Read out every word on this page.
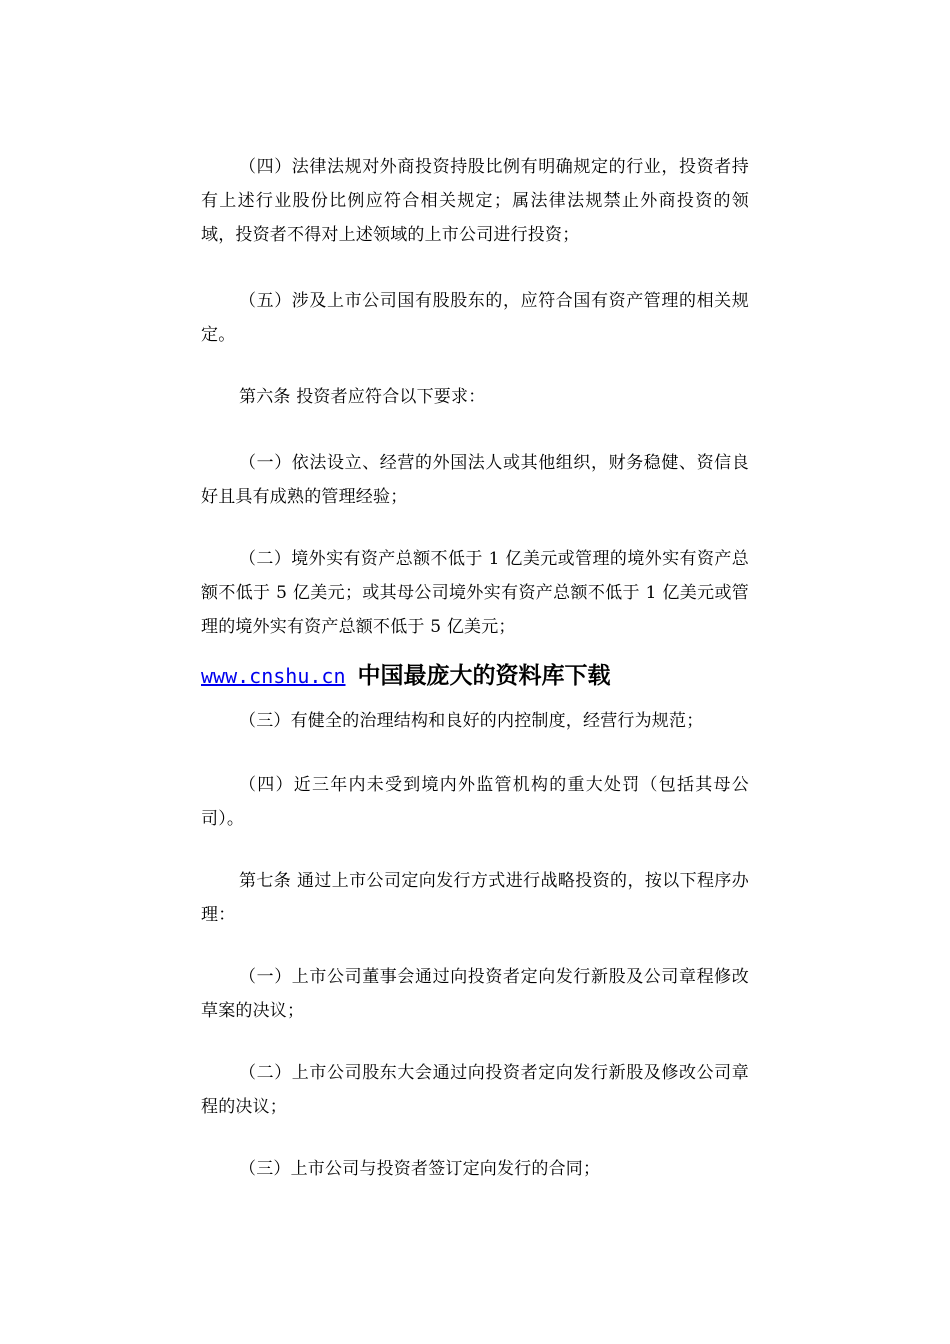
（四）法律法规对外商投资持股比例有明确规定的行业，投资者持有上述行业股份比例应符合相关规定；属法律法规禁止外商投资的领域，投资者不得对上述领域的上市公司进行投资；

（五）涉及上市公司国有股股东的，应符合国有资产管理的相关规定。

第六条 投资者应符合以下要求：

（一）依法设立、经营的外国法人或其他组织，财务稳健、资信良好且具有成熟的管理经验；

（二）境外实有资产总额不低于 1 亿美元或管理的境外实有资产总额不低于 5 亿美元；或其母公司境外实有资产总额不低于 1 亿美元或管理的境外实有资产总额不低于 5 亿美元；

www.cnshu.cn 中国最庞大的资料库下载

（三）有健全的治理结构和良好的内控制度，经营行为规范；

（四）近三年内未受到境内外监管机构的重大处罚（包括其母公司）。

第七条 通过上市公司定向发行方式进行战略投资的，按以下程序办理：

（一）上市公司董事会通过向投资者定向发行新股及公司章程修改草案的决议；

（二）上市公司股东大会通过向投资者定向发行新股及修改公司章程的决议；

（三）上市公司与投资者签订定向发行的合同；
